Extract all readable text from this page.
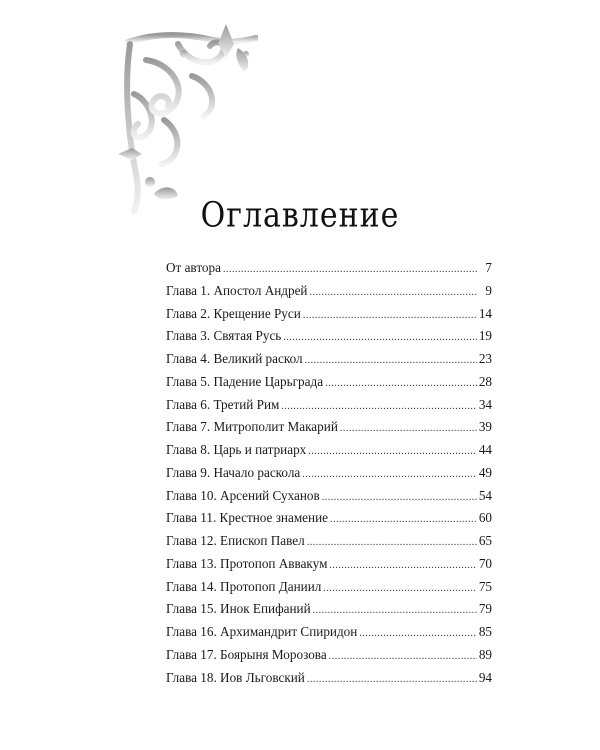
Оглавление
От автора .....	7
Глава 1. Апостол Андрей .....	9
Глава 2. Крещение Руси .....	14
Глава 3. Святая Русь .....	19
Глава 4. Великий раскол .....	23
Глава 5. Падение Царьграда .....	28
Глава 6. Третий Рим .....	34
Глава 7. Митрополит Макарий .....	39
Глава 8. Царь и патриарх .....	44
Глава 9. Начало раскола .....	49
Глава 10. Арсений Суханов .....	54
Глава 11. Крестное знамение .....	60
Глава 12. Епископ Павел .....	65
Глава 13. Протопоп Аввакум .....	70
Глава 14. Протопоп Даниил .....	75
Глава 15. Инок Епифаний .....	79
Глава 16. Архимандрит Спиридон .....	85
Глава 17. Боярыня Морозова .....	89
Глава 18. Иов Льговский .....	94
